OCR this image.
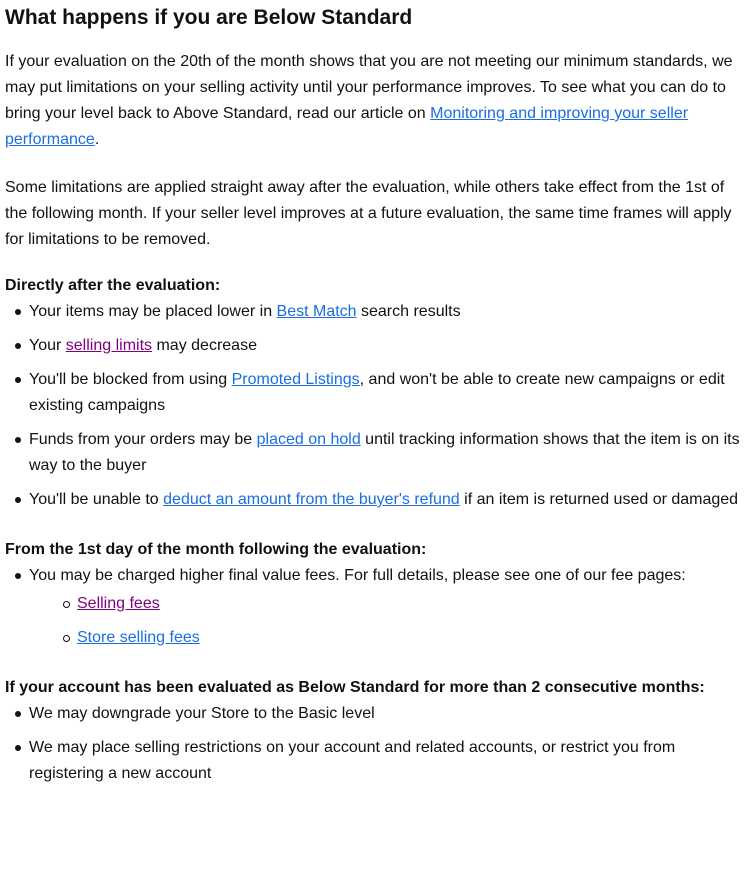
What happens if you are Below Standard

If your evaluation on the 20th of the month shows that you are not meeting our minimum standards, we may put limitations on your selling activity until your performance improves. To see what you can do to bring your level back to Above Standard, read our article on Monitoring and improving your seller performance.

Some limitations are applied straight away after the evaluation, while others take effect from the 1st of the following month. If your seller level improves at a future evaluation, the same time frames will apply for limitations to be removed.

Directly after the evaluation:

Your items may be placed lower in Best Match search results
Your selling limits may decrease
You'll be blocked from using Promoted Listings, and won't be able to create new campaigns or edit existing campaigns
Funds from your orders may be placed on hold until tracking information shows that the item is on its way to the buyer
You'll be unable to deduct an amount from the buyer's refund if an item is returned used or damaged

From the 1st day of the month following the evaluation:

You may be charged higher final value fees. For full details, please see one of our fee pages:
Selling fees
Store selling fees

If your account has been evaluated as Below Standard for more than 2 consecutive months:

We may downgrade your Store to the Basic level
We may place selling restrictions on your account and related accounts, or restrict you from registering a new account
